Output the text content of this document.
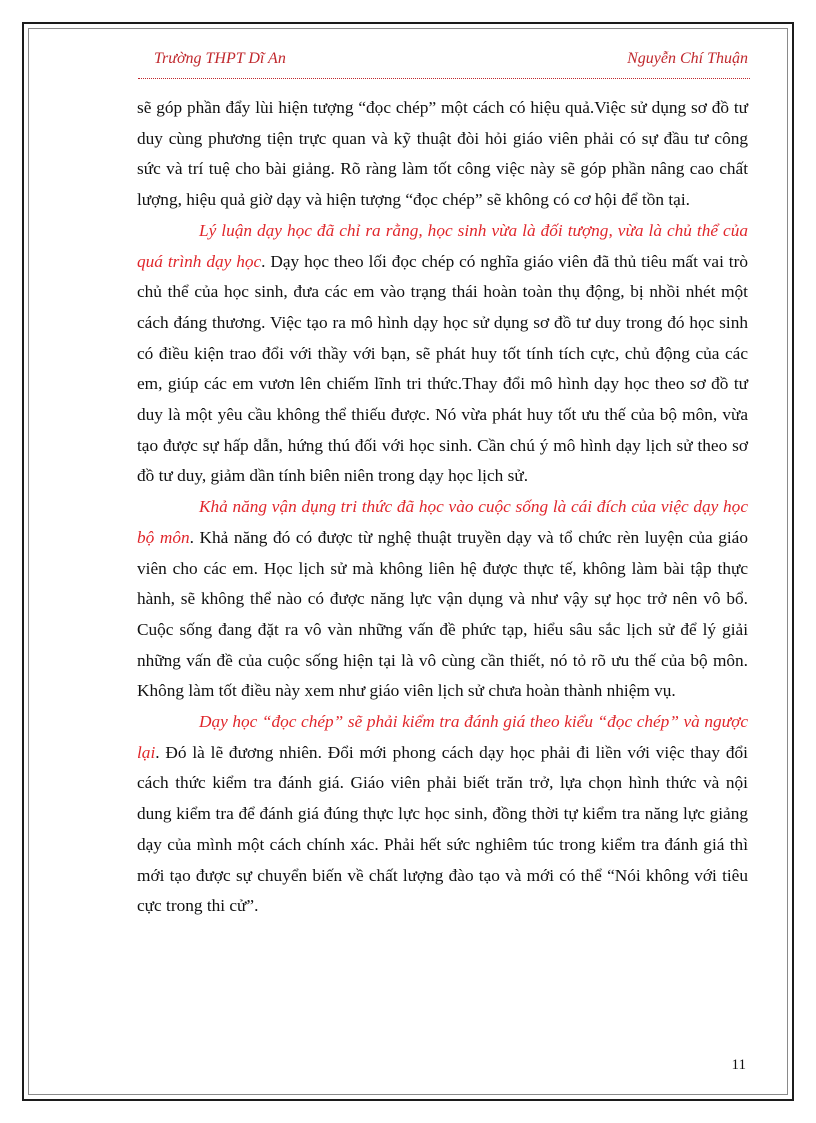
Trường THPT Dĩ An	Nguyễn Chí Thuận

sẽ góp phần đẩy lùi hiện tượng “đọc chép” một cách có hiệu quả.Việc sử dụng sơ đồ tư duy cùng phương tiện trực quan và kỹ thuật đòi hỏi giáo viên phải có sự đầu tư công sức và trí tuệ cho bài giảng. Rõ ràng làm tốt công việc này sẽ góp phần nâng cao chất lượng, hiệu quả giờ dạy và hiện tượng “đọc chép” sẽ không có cơ hội để tồn tại.

Lý luận dạy học đã chỉ ra rằng, học sinh vừa là đối tượng, vừa là chủ thể của quá trình dạy học. Dạy học theo lối đọc chép có nghĩa giáo viên đã thủ tiêu mất vai trò chủ thể của học sinh, đưa các em vào trạng thái hoàn toàn thụ động, bị nhồi nhét một cách đáng thương. Việc tạo ra mô hình dạy học sử dụng sơ đồ tư duy trong đó học sinh có điều kiện trao đổi với thầy với bạn, sẽ phát huy tốt tính tích cực, chủ động của các em, giúp các em vươn lên chiếm lĩnh tri thức.Thay đổi mô hình dạy học theo sơ đồ tư duy là một yêu cầu không thể thiếu được. Nó vừa phát huy tốt ưu thế của bộ môn, vừa tạo được sự hấp dẫn, hứng thú đối với học sinh. Cần chú ý mô hình dạy lịch sử theo sơ đồ tư duy, giảm dần tính biên niên trong dạy học lịch sử.

Khả năng vận dụng tri thức đã học vào cuộc sống là cái đích của việc dạy học bộ môn. Khả năng đó có được từ nghệ thuật truyền dạy và tổ chức rèn luyện của giáo viên cho các em. Học lịch sử mà không liên hệ được thực tế, không làm bài tập thực hành, sẽ không thể nào có được năng lực vận dụng và như vậy sự học trở nên vô bổ. Cuộc sống đang đặt ra vô vàn những vấn đề phức tạp, hiểu sâu sắc lịch sử để lý giải những vấn đề của cuộc sống hiện tại là vô cùng cần thiết, nó tỏ rõ ưu thế của bộ môn. Không làm tốt điều này xem như giáo viên lịch sử chưa hoàn thành nhiệm vụ.

Dạy học “đọc chép” sẽ phải kiểm tra đánh giá theo kiểu “đọc chép” và ngược lại. Đó là lẽ đương nhiên. Đổi mới phong cách dạy học phải đi liền với việc thay đổi cách thức kiểm tra đánh giá. Giáo viên phải biết trăn trở, lựa chọn hình thức và nội dung kiểm tra để đánh giá đúng thực lực học sinh, đồng thời tự kiểm tra năng lực giảng dạy của mình một cách chính xác. Phải hết sức nghiêm túc trong kiểm tra đánh giá thì mới tạo được sự chuyển biến về chất lượng đào tạo và mới có thể “Nói không với tiêu cực trong thi cử”.

11
